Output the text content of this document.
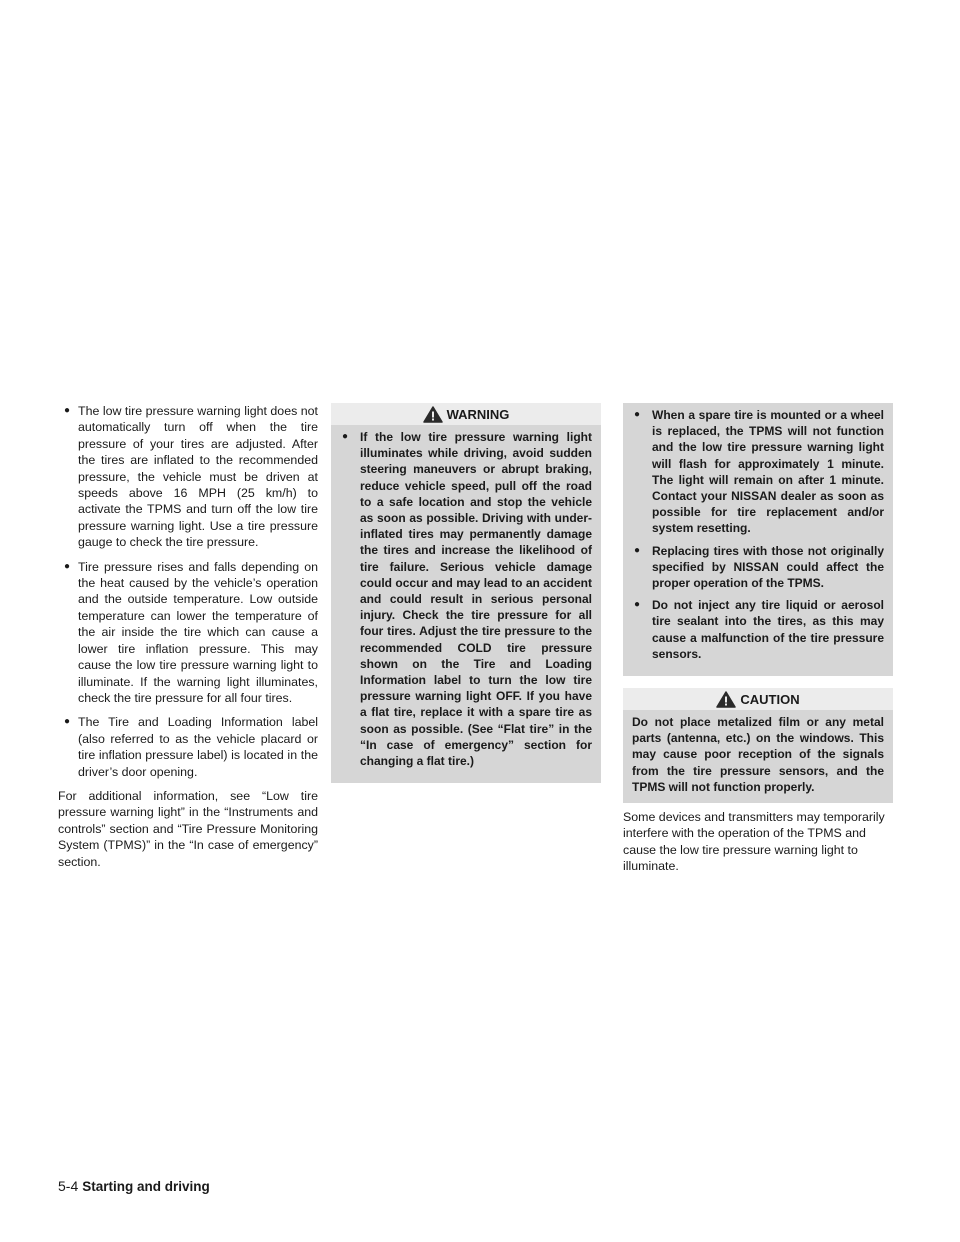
● The low tire pressure warning light does not automatically turn off when the tire pressure of your tires are adjusted. After the tires are inflated to the recommended pressure, the vehicle must be driven at speeds above 16 MPH (25 km/h) to activate the TPMS and turn off the low tire pressure warning light. Use a tire pressure gauge to check the tire pressure.
● Tire pressure rises and falls depending on the heat caused by the vehicle’s operation and the outside temperature. Low outside temperature can lower the temperature of the air inside the tire which can cause a lower tire inflation pressure. This may cause the low tire pressure warning light to illuminate. If the warning light illuminates, check the tire pressure for all four tires.
● The Tire and Loading Information label (also referred to as the vehicle placard or tire inflation pressure label) is located in the driver’s door opening.

For additional information, see “Low tire pressure warning light” in the “Instruments and controls” section and “Tire Pressure Monitoring System (TPMS)” in the “In case of emergency” section.

WARNING
● If the low tire pressure warning light illuminates while driving, avoid sudden steering maneuvers or abrupt braking, reduce vehicle speed, pull off the road to a safe location and stop the vehicle as soon as possible. Driving with under-inflated tires may permanently damage the tires and increase the likelihood of tire failure. Serious vehicle damage could occur and may lead to an accident and could result in serious personal injury. Check the tire pressure for all four tires. Adjust the tire pressure to the recommended COLD tire pressure shown on the Tire and Loading Information label to turn the low tire pressure warning light OFF. If you have a flat tire, replace it with a spare tire as soon as possible. (See “Flat tire” in the “In case of emergency” section for changing a flat tire.)
● When a spare tire is mounted or a wheel is replaced, the TPMS will not function and the low tire pressure warning light will flash for approximately 1 minute. The light will remain on after 1 minute. Contact your NISSAN dealer as soon as possible for tire replacement and/or system resetting.
● Replacing tires with those not originally specified by NISSAN could affect the proper operation of the TPMS.
● Do not inject any tire liquid or aerosol tire sealant into the tires, as this may cause a malfunction of the tire pressure sensors.
CAUTION

Do not place metalized film or any metal parts (antenna, etc.) on the windows. This may cause poor reception of the signals from the tire pressure sensors, and the TPMS will not function properly.

Some devices and transmitters may temporarily interfere with the operation of the TPMS and cause the low tire pressure warning light to illuminate.

5-4 Starting and driving
